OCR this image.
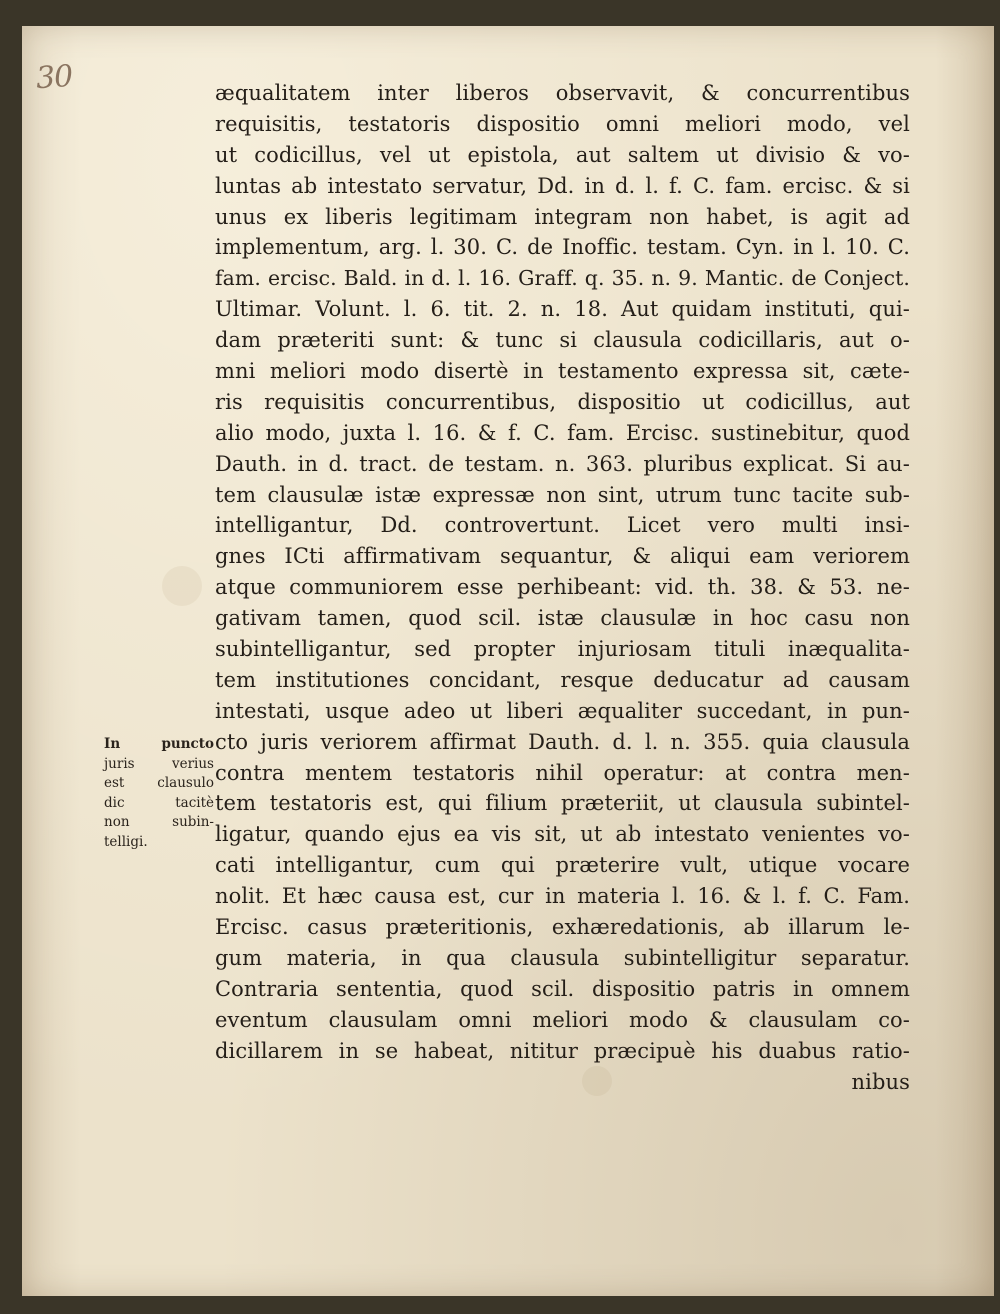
30	æqualitatem inter liberos observavit, & concurrentibus
requisitis, testatoris dispositio omni meliori modo, vel
ut codicillus, vel ut epistola, aut saltem ut divisio & vo-
luntas ab intestato servatur, Dd. in d. l. f. C. fam. ercisc. & si
unus ex liberis legitimam integram non habet, is agit ad
implementum, arg. l. 30. C. de Inoffic. testam. Cyn. in l. 10. C.
fam. ercisc. Bald. in d. l. 16. Graff. q. 35. n. 9. Mantic. de Conject.
Ultimar. Volunt. l. 6. tit. 2. n. 18. Aut quidam instituti, qui-
dam præteriti sunt: & tunc si clausula codicillaris, aut o-
mni meliori modo disertè in testamento expressa sit, cæte-
ris requisitis concurrentibus, dispositio ut codicillus, aut
alio modo, juxta l. 16. & f. C. fam. Ercisc. sustinebitur, quod
Dauth. in d. tract. de testam. n. 363. pluribus explicat. Si au-
tem clausulæ istæ expressæ non sint, utrum tunc tacite sub-
intelligantur, Dd. controvertunt. Licet vero multi insi-
gnes ICti affirmativam sequantur, & aliqui eam veriorem
atque communiorem esse perhibeant: vid. th. 38. & 53. ne-
gativam tamen, quod scil. istæ clausulæ in hoc casu non
subintelligantur, sed propter injuriosam tituli inæqualita-
tem institutiones concidant, resque deducatur ad causam
intestati, usque adeo ut liberi æqualiter succedant, in pun-
cto juris veriorem affirmat Dauth. d. l. n. 355. quia clausula
contra mentem testatoris nihil operatur: at contra men-
tem testatoris est, qui filium præteriit, ut clausula subintel-
ligatur, quando ejus ea vis sit, ut ab intestato venientes vo-
cati intelligantur, cum qui præterire vult, utique vocare
nolit. Et hæc causa est, cur in materia l. 16. & l. f. C. Fam.
Ercisc. casus præteritionis, exhæredationis, ab illarum le-
gum materia, in qua clausula subintelligitur separatur.
Contraria sententia, quod scil. dispositio patris in omnem
eventum clausulam omni meliori modo & clausulam co-
dicillarem in se habeat, nititur præcipuè his duabus ratio-
nibus
In puncto
juris verius
est clausulo
dic tacitè
non subin-
telligi.
